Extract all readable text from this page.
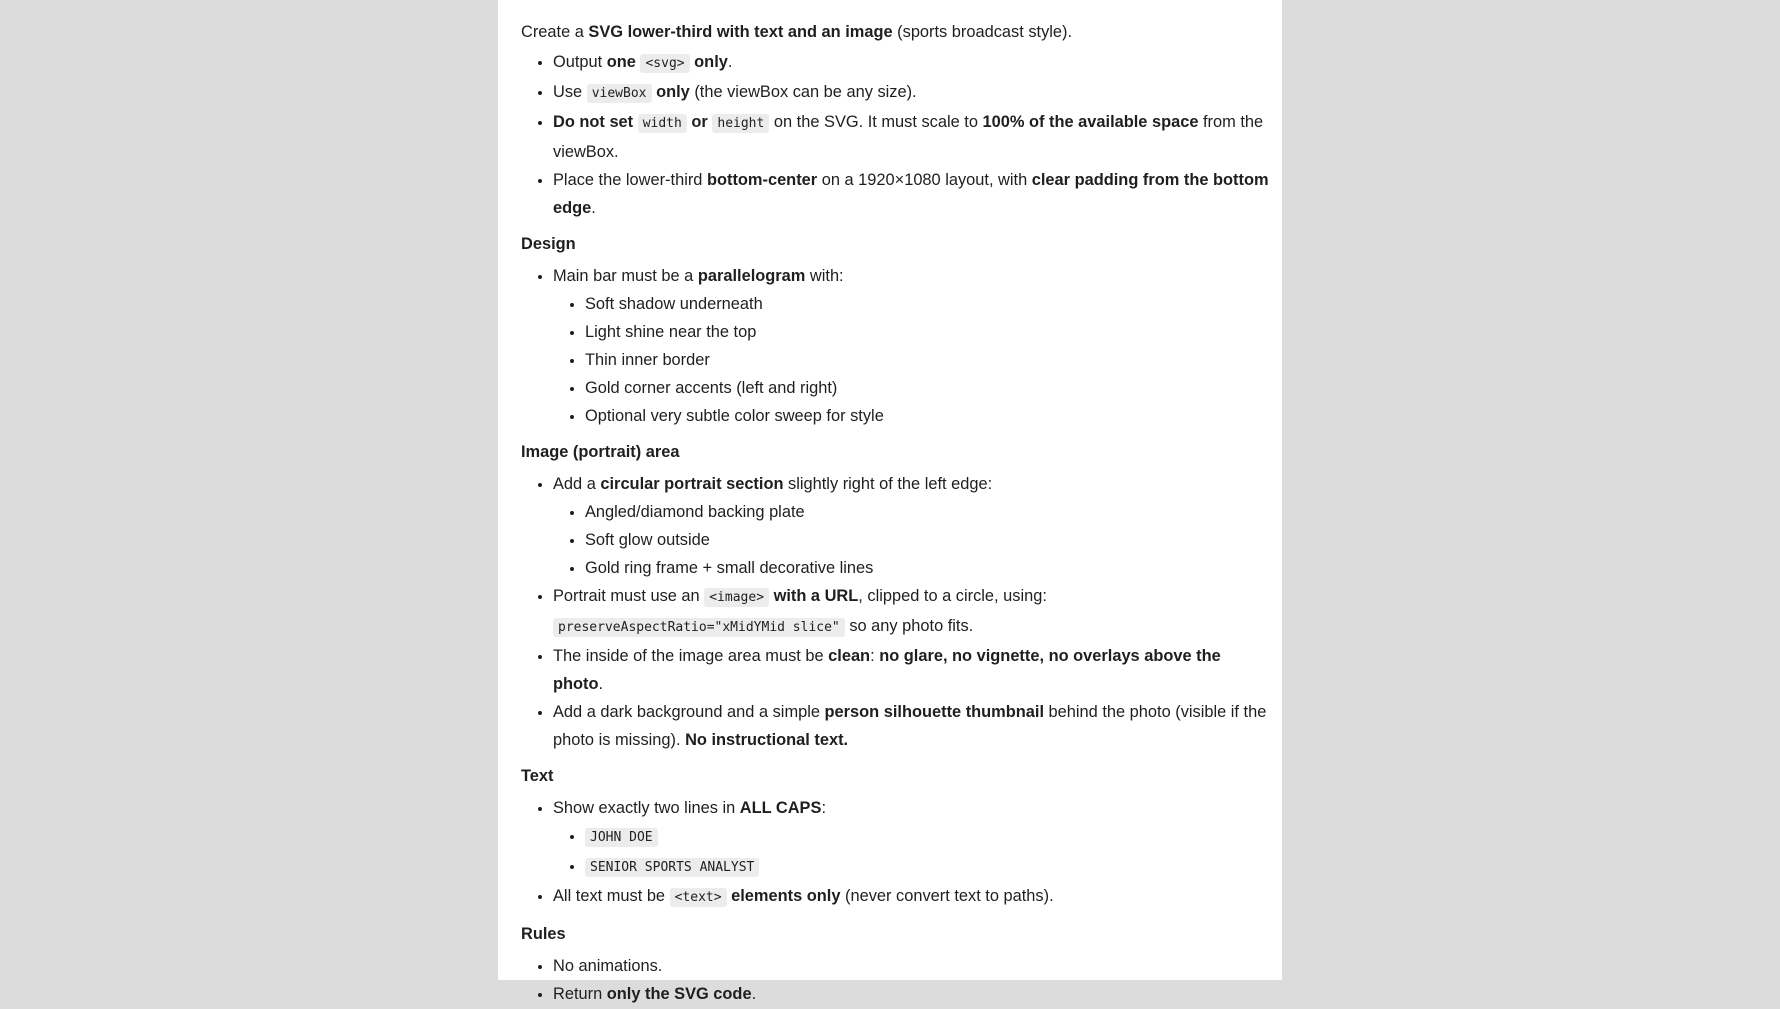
Create a SVG lower-third with text and an image (sports broadcast style).

• Output one <svg> only.
• Use viewBox only (the viewBox can be any size).
• Do not set width or height on the SVG. It must scale to 100% of the available space from the viewBox.
• Place the lower-third bottom-center on a 1920×1080 layout, with clear padding from the bottom edge.
Design
• Main bar must be a parallelogram with:
• Soft shadow underneath
• Light shine near the top
• Thin inner border
• Gold corner accents (left and right)
• Optional very subtle color sweep for style
Image (portrait) area
• Add a circular portrait section slightly right of the left edge:
• Angled/diamond backing plate
• Soft glow outside
• Gold ring frame + small decorative lines
• Portrait must use an <image> with a URL, clipped to a circle, using: preserveAspectRatio="xMidYMid slice" so any photo fits.
• The inside of the image area must be clean: no glare, no vignette, no overlays above the photo.
• Add a dark background and a simple person silhouette thumbnail behind the photo (visible if the photo is missing). No instructional text.
Text
• Show exactly two lines in ALL CAPS:
• JOHN DOE
• SENIOR SPORTS ANALYST
• All text must be <text> elements only (never convert text to paths).
Rules
• No animations.
• Return only the SVG code.
